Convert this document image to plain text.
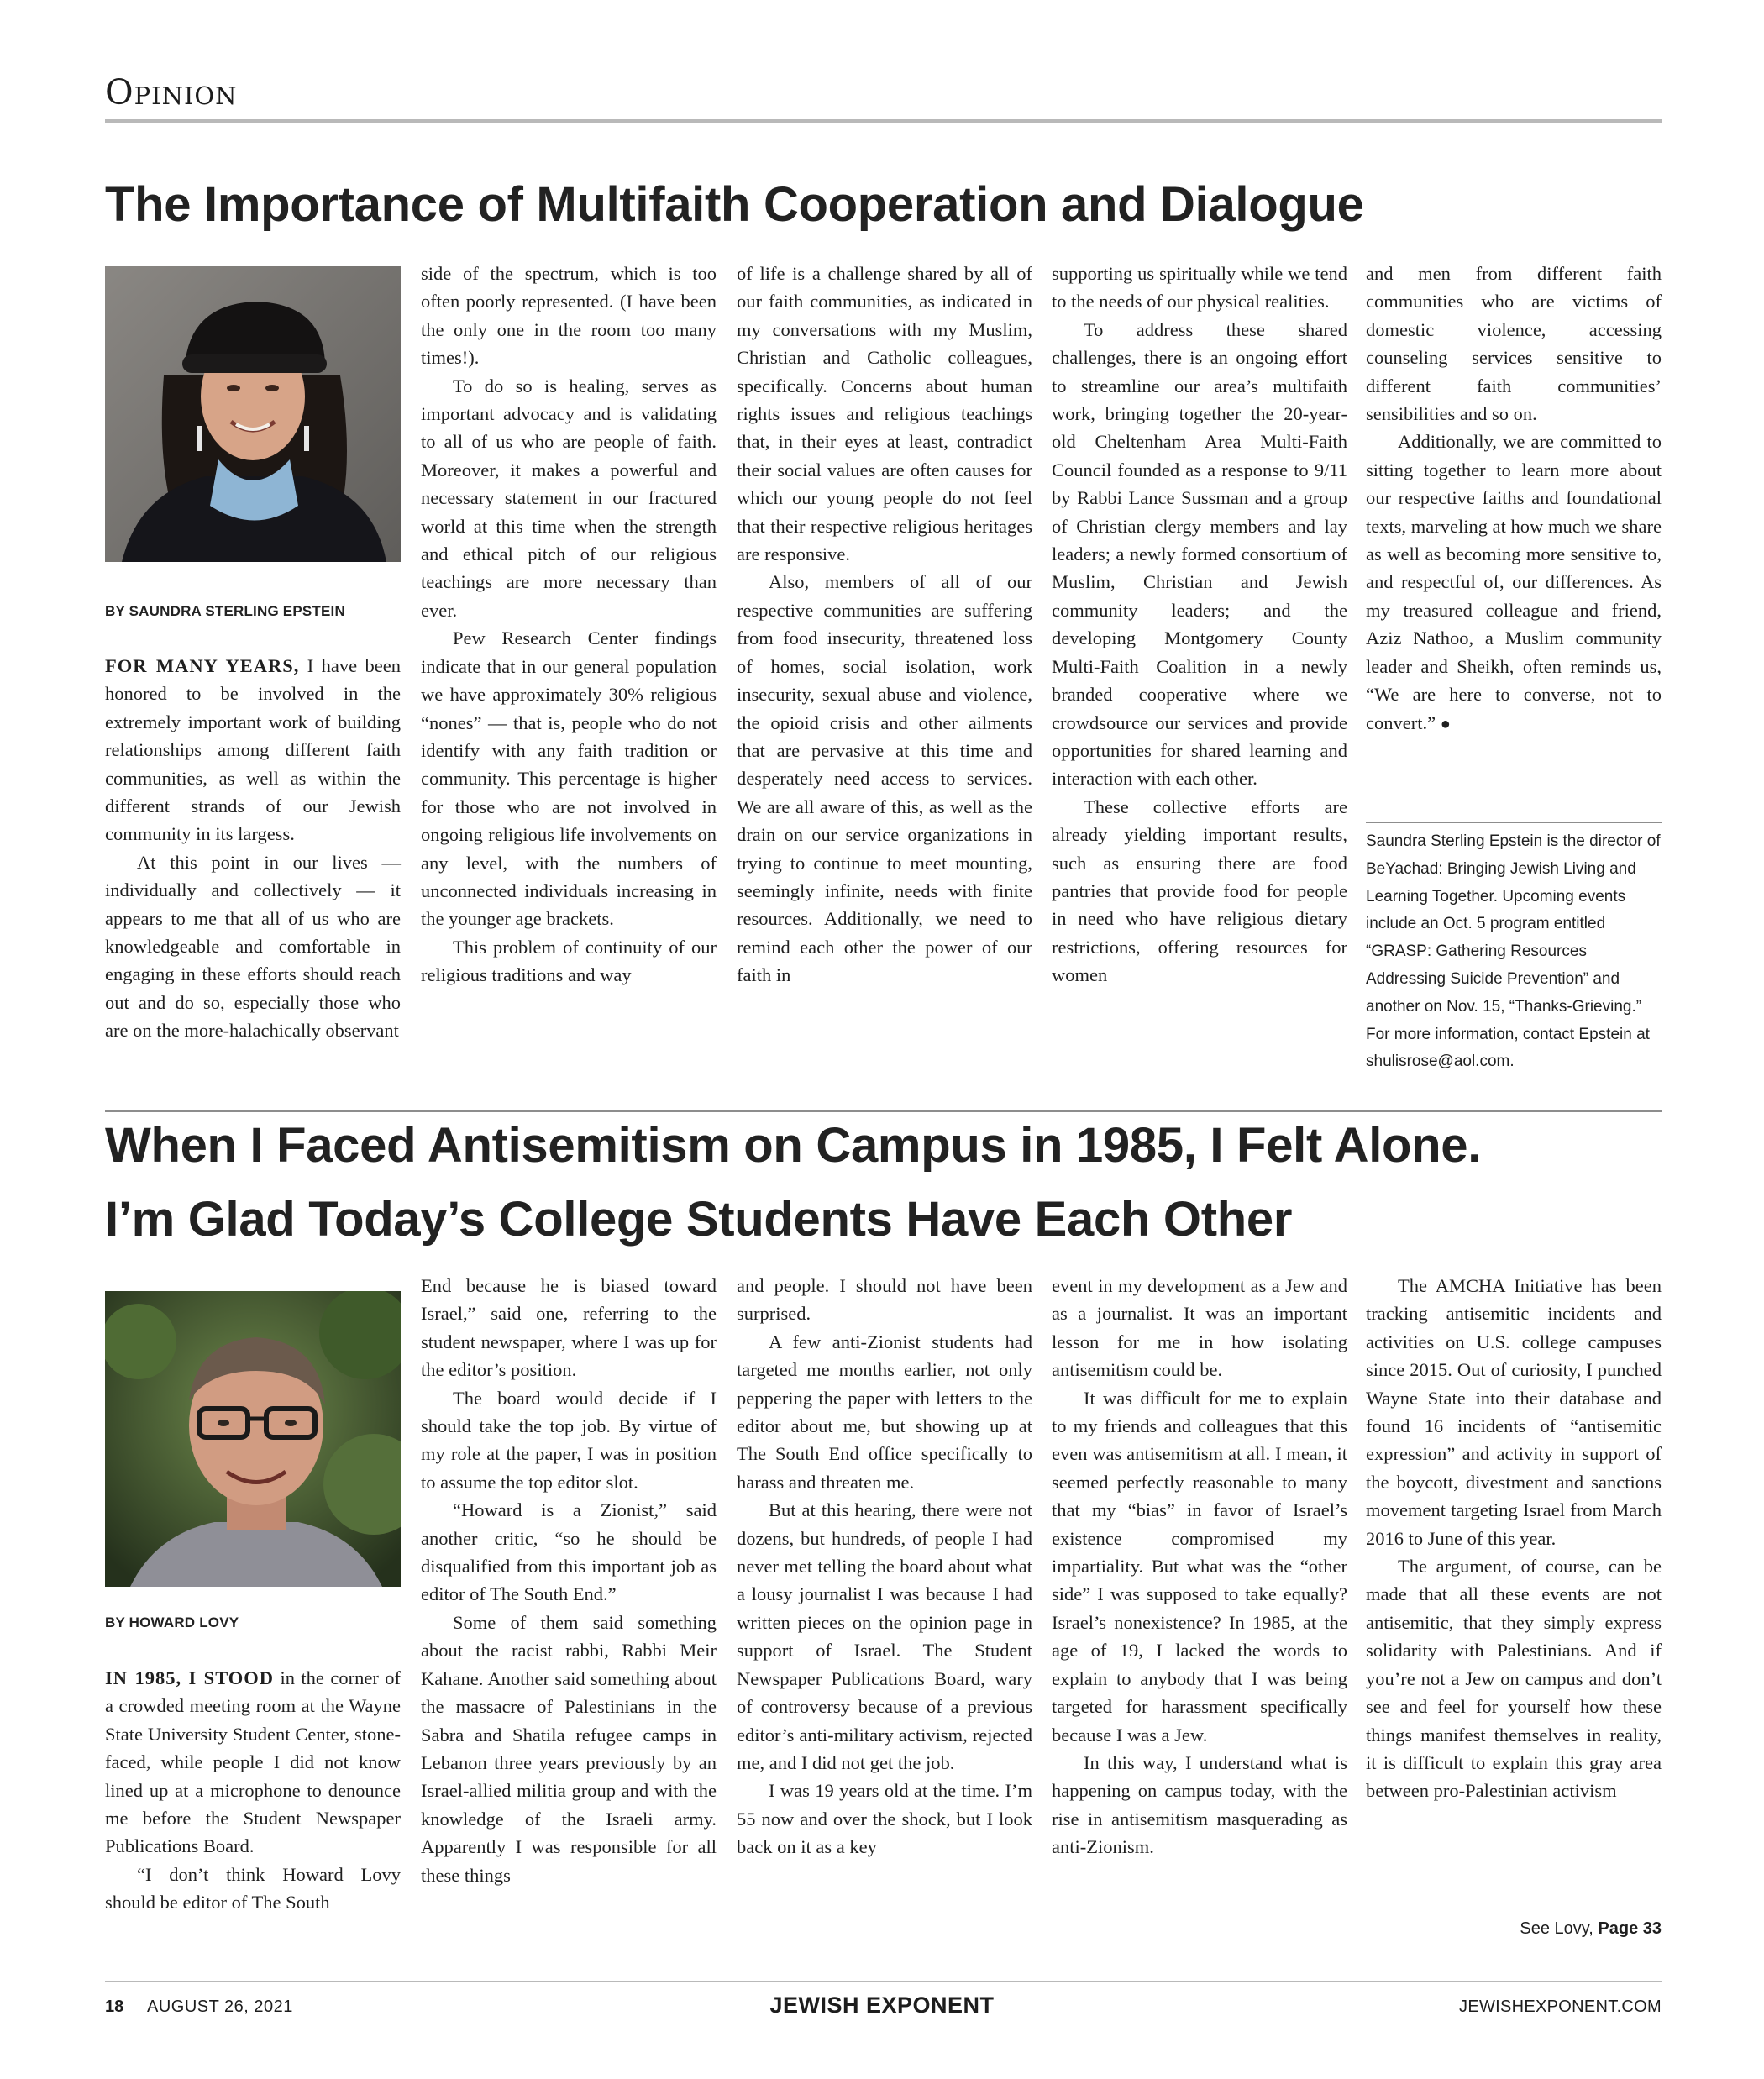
Opinion
The Importance of Multifaith Cooperation and Dialogue
BY SAUNDRA STERLING EPSTEIN

FOR MANY YEARS, I have been honored to be involved in the extremely important work of building relationships among different faith communities, as well as within the different strands of our Jewish community in its largess.

At this point in our lives — individually and collectively — it appears to me that all of us who are knowledgeable and comfortable in engaging in these efforts should reach out and do so, especially those who are on the more-halachically observant

side of the spectrum, which is too often poorly represented. (I have been the only one in the room too many times!).

To do so is healing, serves as important advocacy and is validating to all of us who are people of faith. Moreover, it makes a powerful and necessary statement in our fractured world at this time when the strength and ethical pitch of our religious teachings are more necessary than ever.

Pew Research Center findings indicate that in our general population we have approximately 30% religious “nones” — that is, people who do not identify with any faith tradition or community. This percentage is higher for those who are not involved in ongoing religious life involvements on any level, with the numbers of unconnected individuals increasing in the younger age brackets.

This problem of continuity of our religious traditions and way

of life is a challenge shared by all of our faith communities, as indicated in my conversations with my Muslim, Christian and Catholic colleagues, specifically. Concerns about human rights issues and religious teachings that, in their eyes at least, contradict their social values are often causes for which our young people do not feel that their respective religious heritages are responsive.

Also, members of all of our respective communities are suffering from food insecurity, threatened loss of homes, social isolation, work insecurity, sexual abuse and violence, the opioid crisis and other ailments that are pervasive at this time and desperately need access to services. We are all aware of this, as well as the drain on our service organizations in trying to continue to meet mounting, seemingly infinite, needs with finite resources. Additionally, we need to remind each other the power of our faith in

supporting us spiritually while we tend to the needs of our physical realities.

To address these shared challenges, there is an ongoing effort to streamline our area’s multifaith work, bringing together the 20-year-old Cheltenham Area Multi-Faith Council founded as a response to 9/11 by Rabbi Lance Sussman and a group of Christian clergy members and lay leaders; a newly formed consortium of Muslim, Christian and Jewish community leaders; and the developing Montgomery County Multi-Faith Coalition in a newly branded cooperative where we crowdsource our services and provide opportunities for shared learning and interaction with each other.

These collective efforts are already yielding important results, such as ensuring there are food pantries that provide food for people in need who have religious dietary restrictions, offering resources for women

and men from different faith communities who are victims of domestic violence, accessing counseling services sensitive to different faith communities’ sensibilities and so on.

Additionally, we are committed to sitting together to learn more about our respective faiths and foundational texts, marveling at how much we share as well as becoming more sensitive to, and respectful of, our differences. As my treasured colleague and friend, Aziz Nathoo, a Muslim community leader and Sheikh, often reminds us, “We are here to converse, not to convert.” ●

Saundra Sterling Epstein is the director of BeYachad: Bringing Jewish Living and Learning Together. Upcoming events include an Oct. 5 program entitled “GRASP: Gathering Resources Addressing Suicide Prevention” and another on Nov. 15, “Thanks-Grieving.” For more information, contact Epstein at shulisrose@aol.com.
When I Faced Antisemitism on Campus in 1985, I Felt Alone.
I’m Glad Today’s College Students Have Each Other
BY HOWARD LOVY

IN 1985, I STOOD in the corner of a crowded meeting room at the Wayne State University Student Center, stone-faced, while people I did not know lined up at a microphone to denounce me before the Student Newspaper Publications Board.

“I don’t think Howard Lovy should be editor of The South

End because he is biased toward Israel,” said one, referring to the student newspaper, where I was up for the editor’s position.

The board would decide if I should take the top job. By virtue of my role at the paper, I was in position to assume the top editor slot.

“Howard is a Zionist,” said another critic, “so he should be disqualified from this important job as editor of The South End.”

Some of them said something about the racist rabbi, Rabbi Meir Kahane. Another said something about the massacre of Palestinians in the Sabra and Shatila refugee camps in Lebanon three years previously by an Israel-allied militia group and with the knowledge of the Israeli army. Apparently I was responsible for all these things

and people. I should not have been surprised.

A few anti-Zionist students had targeted me months earlier, not only peppering the paper with letters to the editor about me, but showing up at The South End office specifically to harass and threaten me.

But at this hearing, there were not dozens, but hundreds, of people I had never met telling the board about what a lousy journalist I was because I had written pieces on the opinion page in support of Israel. The Student Newspaper Publications Board, wary of controversy because of a previous editor’s anti-military activism, rejected me, and I did not get the job.

I was 19 years old at the time. I’m 55 now and over the shock, but I look back on it as a key

event in my development as a Jew and as a journalist. It was an important lesson for me in how isolating antisemitism could be.

It was difficult for me to explain to my friends and colleagues that this even was antisemitism at all. I mean, it seemed perfectly reasonable to many that my “bias” in favor of Israel’s existence compromised my impartiality. But what was the “other side” I was supposed to take equally? Israel’s nonexistence? In 1985, at the age of 19, I lacked the words to explain to anybody that I was being targeted for harassment specifically because I was a Jew.

In this way, I understand what is happening on campus today, with the rise in antisemitism masquerading as anti-Zionism.

The AMCHA Initiative has been tracking antisemitic incidents and activities on U.S. college campuses since 2015. Out of curiosity, I punched Wayne State into their database and found 16 incidents of “antisemitic expression” and activity in support of the boycott, divestment and sanctions movement targeting Israel from March 2016 to June of this year.

The argument, of course, can be made that all these events are not antisemitic, that they simply express solidarity with Palestinians. And if you’re not a Jew on campus and don’t see and feel for yourself how these things manifest themselves in reality, it is difficult to explain this gray area between pro-Palestinian activism

See Lovy, Page 33
18 AUGUST 26, 2021	JEWISH EXPONENT	JEWISHEXPONENT.COM
